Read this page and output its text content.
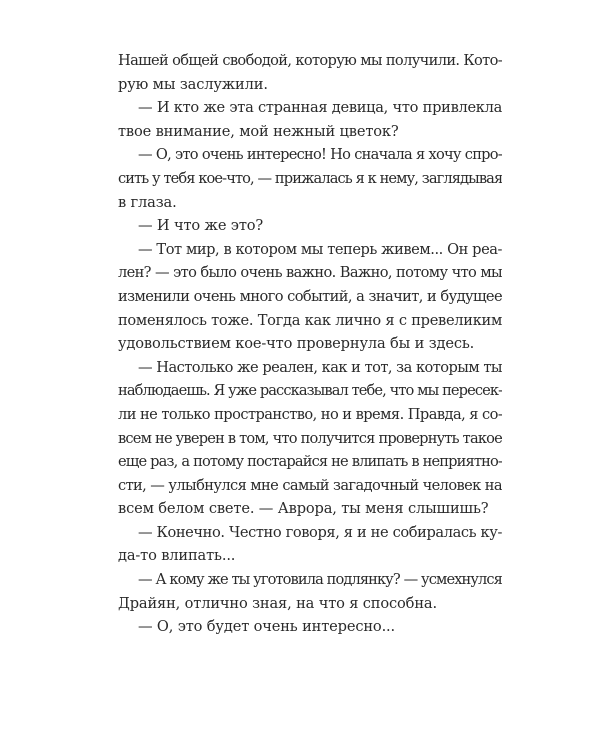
Нашей общей свободой, которую мы получили. Кото-
рую мы заслужили.
— И кто же эта странная девица, что привлекла
твое внимание, мой нежный цветок?
— О, это очень интересно! Но сначала я хочу спро-
сить у тебя кое-что, — прижалась я к нему, заглядывая
в глаза.
— И что же это?
— Тот мир, в котором мы теперь живем... Он реа-
лен? — это было очень важно. Важно, потому что мы
изменили очень много событий, а значит, и будущее
поменялось тоже. Тогда как лично я с превеликим
удовольствием кое-что провернула бы и здесь.
— Настолько же реален, как и тот, за которым ты
наблюдаешь. Я уже рассказывал тебе, что мы пересек-
ли не только пространство, но и время. Правда, я со-
всем не уверен в том, что получится провернуть такое
еще раз, а потому постарайся не влипать в неприятно-
сти, — улыбнулся мне самый загадочный человек на
всем белом свете. — Аврора, ты меня слышишь?
— Конечно. Честно говоря, я и не собиралась ку-
да-то влипать...
— А кому же ты уготовила подлянку? — усмехнулся
Драйян, отлично зная, на что я способна.
— О, это будет очень интересно...
